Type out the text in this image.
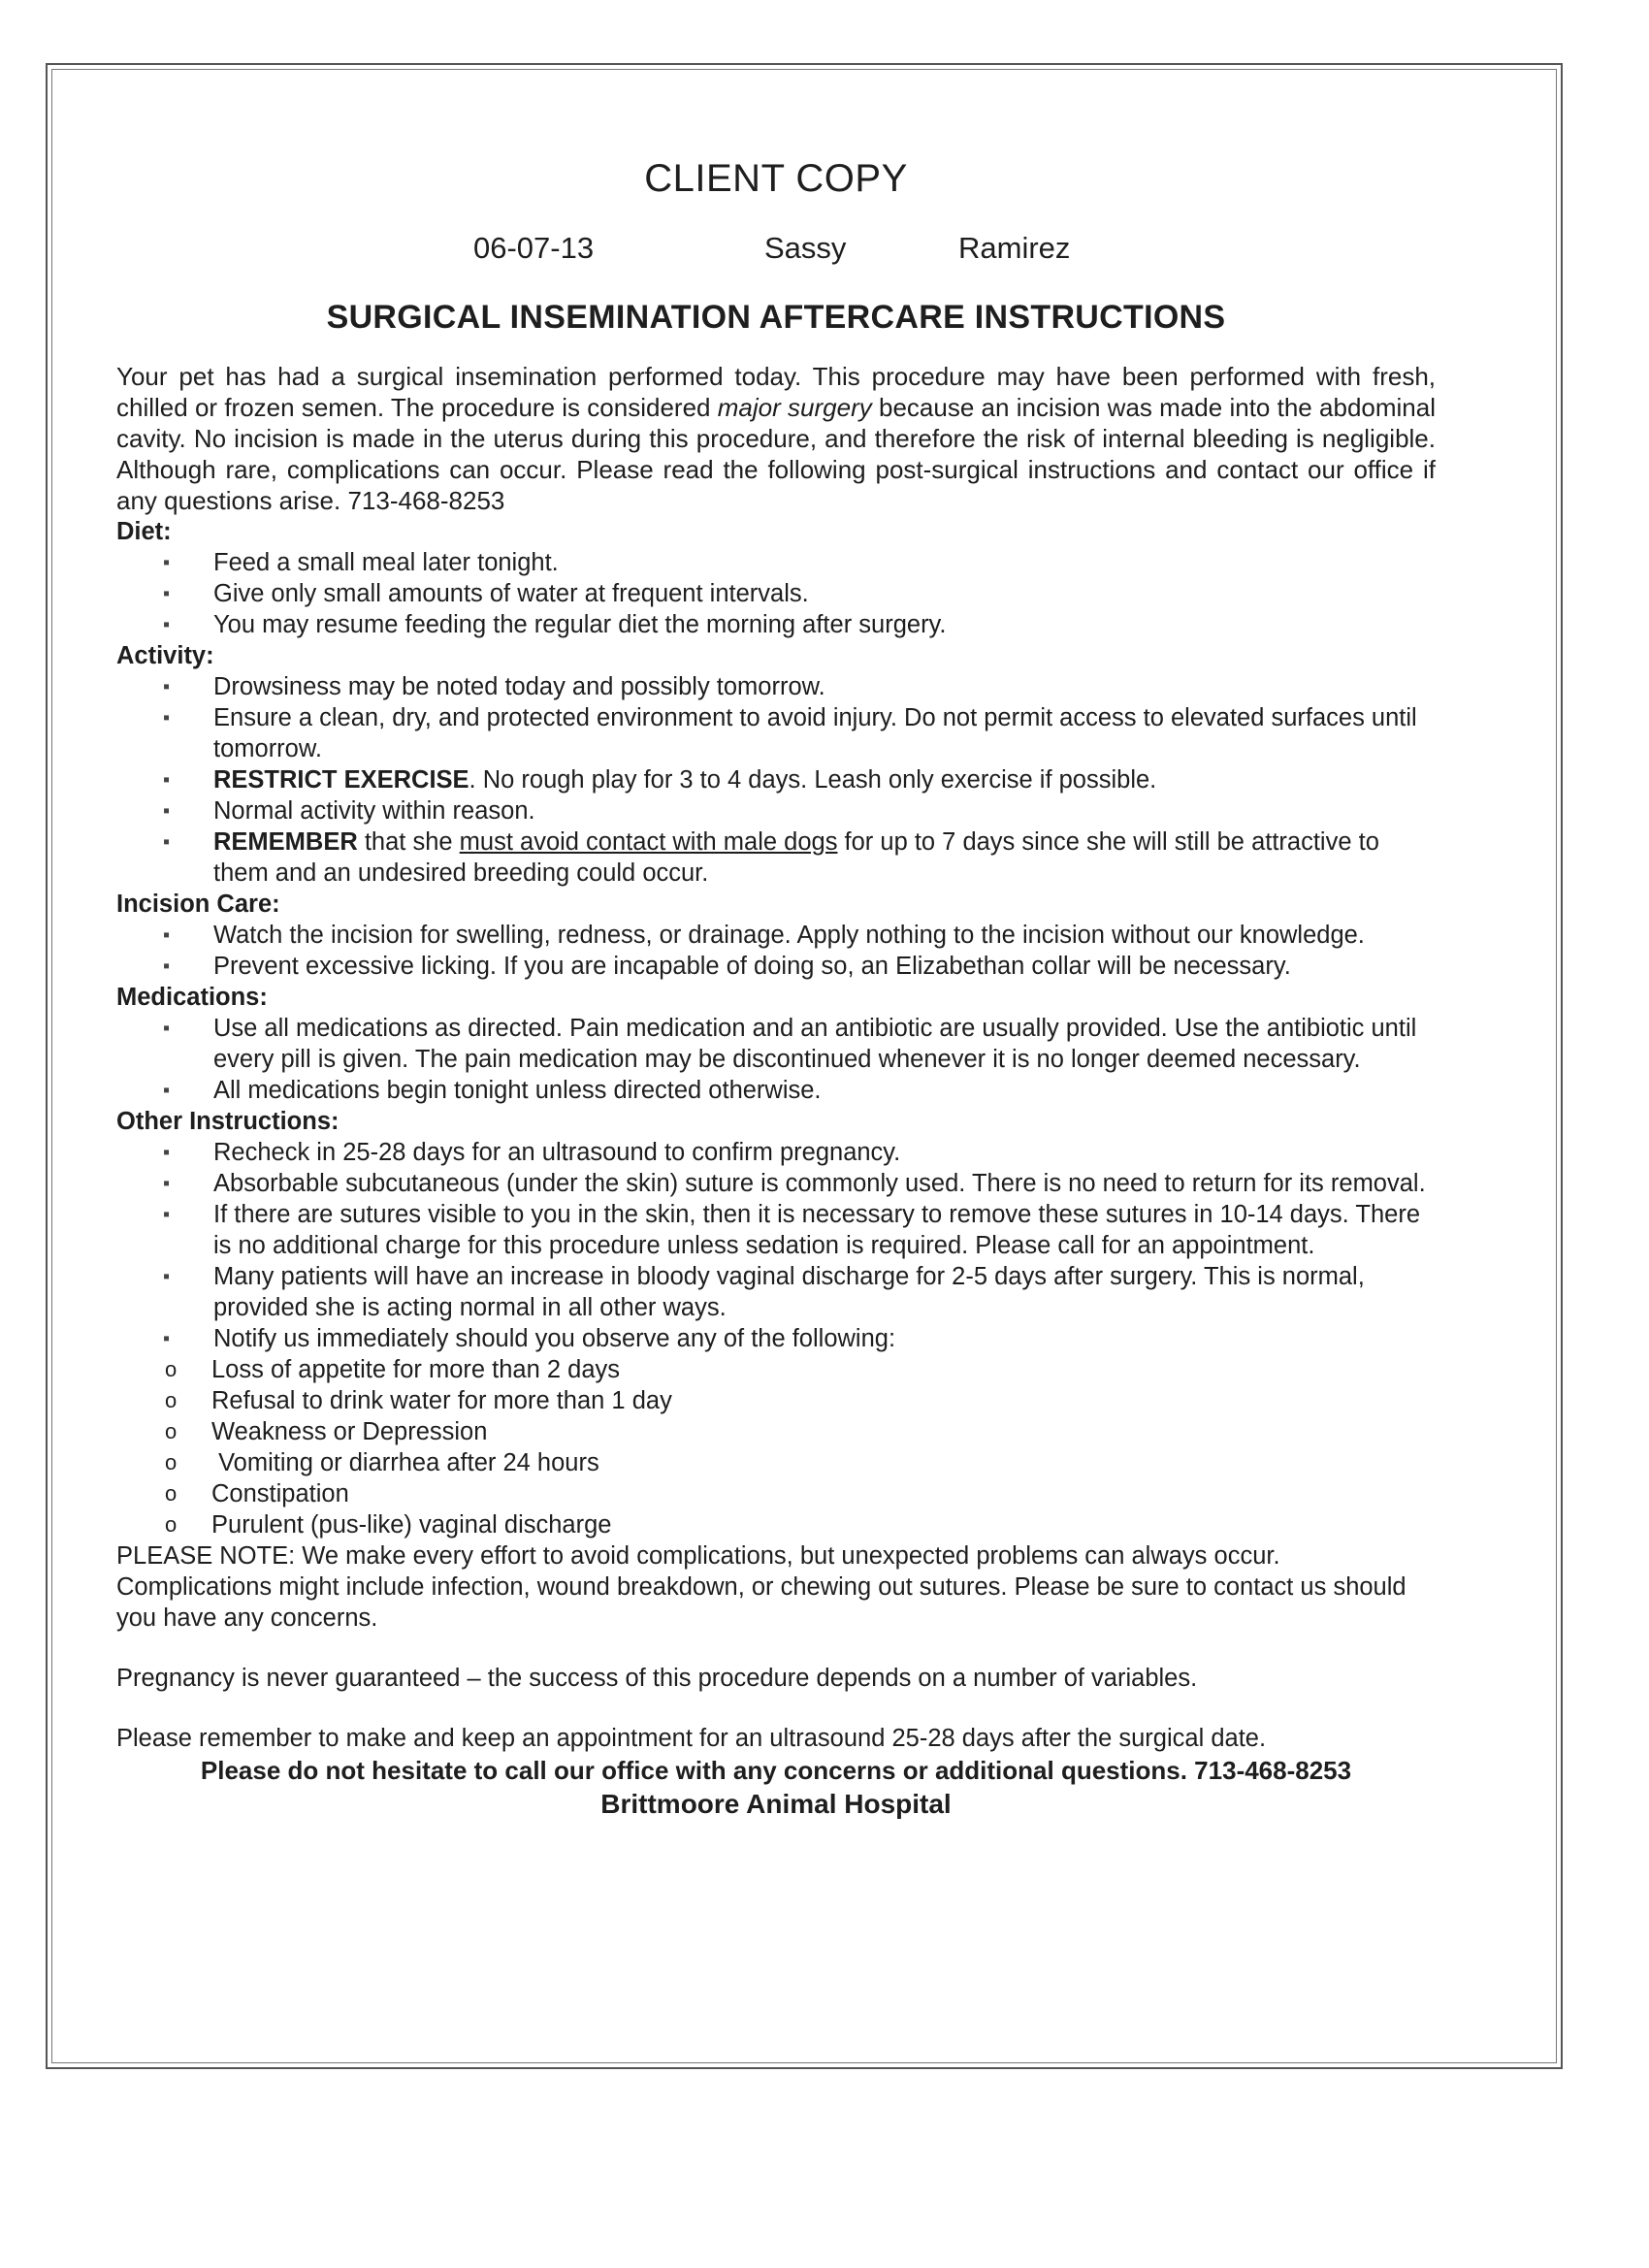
CLIENT COPY
06-07-13	Sassy	Ramirez
SURGICAL INSEMINATION AFTERCARE INSTRUCTIONS

Your pet has had a surgical insemination performed today. This procedure may have been performed with fresh, chilled or frozen semen. The procedure is considered major surgery because an incision was made into the abdominal cavity. No incision is made in the uterus during this procedure, and therefore the risk of internal bleeding is negligible. Although rare, complications can occur. Please read the following post-surgical instructions and contact our office if any questions arise. 713-468-8253

Diet:

▪ Feed a small meal later tonight.
▪ Give only small amounts of water at frequent intervals.
▪ You may resume feeding the regular diet the morning after surgery.

Activity:

▪ Drowsiness may be noted today and possibly tomorrow.
▪ Ensure a clean, dry, and protected environment to avoid injury. Do not permit access to elevated surfaces until tomorrow.
▪ RESTRICT EXERCISE. No rough play for 3 to 4 days. Leash only exercise if possible.
▪ Normal activity within reason.
▪ REMEMBER that she must avoid contact with male dogs for up to 7 days since she will still be attractive to them and an undesired breeding could occur.

Incision Care:

▪ Watch the incision for swelling, redness, or drainage. Apply nothing to the incision without our knowledge.
▪ Prevent excessive licking. If you are incapable of doing so, an Elizabethan collar will be necessary.

Medications:

▪ Use all medications as directed. Pain medication and an antibiotic are usually provided. Use the antibiotic until every pill is given. The pain medication may be discontinued whenever it is no longer deemed necessary.
▪ All medications begin tonight unless directed otherwise.

Other Instructions:

▪ Recheck in 25-28 days for an ultrasound to confirm pregnancy.
▪ Absorbable subcutaneous (under the skin) suture is commonly used. There is no need to return for its removal.
▪ If there are sutures visible to you in the skin, then it is necessary to remove these sutures in 10-14 days. There is no additional charge for this procedure unless sedation is required. Please call for an appointment.
▪ Many patients will have an increase in bloody vaginal discharge for 2-5 days after surgery. This is normal, provided she is acting normal in all other ways.
▪ Notify us immediately should you observe any of the following:
o Loss of appetite for more than 2 days
o Refusal to drink water for more than 1 day
o Weakness or Depression
o  Vomiting or diarrhea after 24 hours
o Constipation
o Purulent (pus-like) vaginal discharge

PLEASE NOTE: We make every effort to avoid complications, but unexpected problems can always occur. Complications might include infection, wound breakdown, or chewing out sutures. Please be sure to contact us should you have any concerns.

Pregnancy is never guaranteed – the success of this procedure depends on a number of variables.

Please remember to make and keep an appointment for an ultrasound 25-28 days after the surgical date.

Please do not hesitate to call our office with any concerns or additional questions. 713-468-8253

Brittmoore Animal Hospital
